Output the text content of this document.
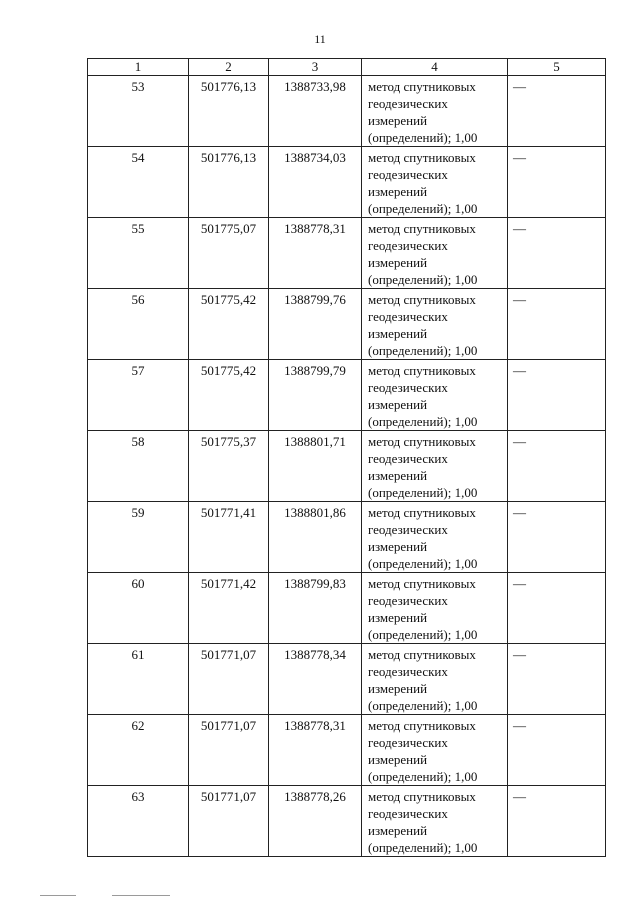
11
1	2	3	4	5
53	501776,13	1388733,98	метод спутниковых
геодезических
измерений
(определений); 1,00	—
54	501776,13	1388734,03	метод спутниковых
геодезических
измерений
(определений); 1,00	—
55	501775,07	1388778,31	метод спутниковых
геодезических
измерений
(определений); 1,00	—
56	501775,42	1388799,76	метод спутниковых
геодезических
измерений
(определений); 1,00	—
57	501775,42	1388799,79	метод спутниковых
геодезических
измерений
(определений); 1,00	—
58	501775,37	1388801,71	метод спутниковых
геодезических
измерений
(определений); 1,00	—
59	501771,41	1388801,86	метод спутниковых
геодезических
измерений
(определений); 1,00	—
60	501771,42	1388799,83	метод спутниковых
геодезических
измерений
(определений); 1,00	—
61	501771,07	1388778,34	метод спутниковых
геодезических
измерений
(определений); 1,00	—
62	501771,07	1388778,31	метод спутниковых
геодезических
измерений
(определений); 1,00	—
63	501771,07	1388778,26	метод спутниковых
геодезических
измерений
(определений); 1,00	—
